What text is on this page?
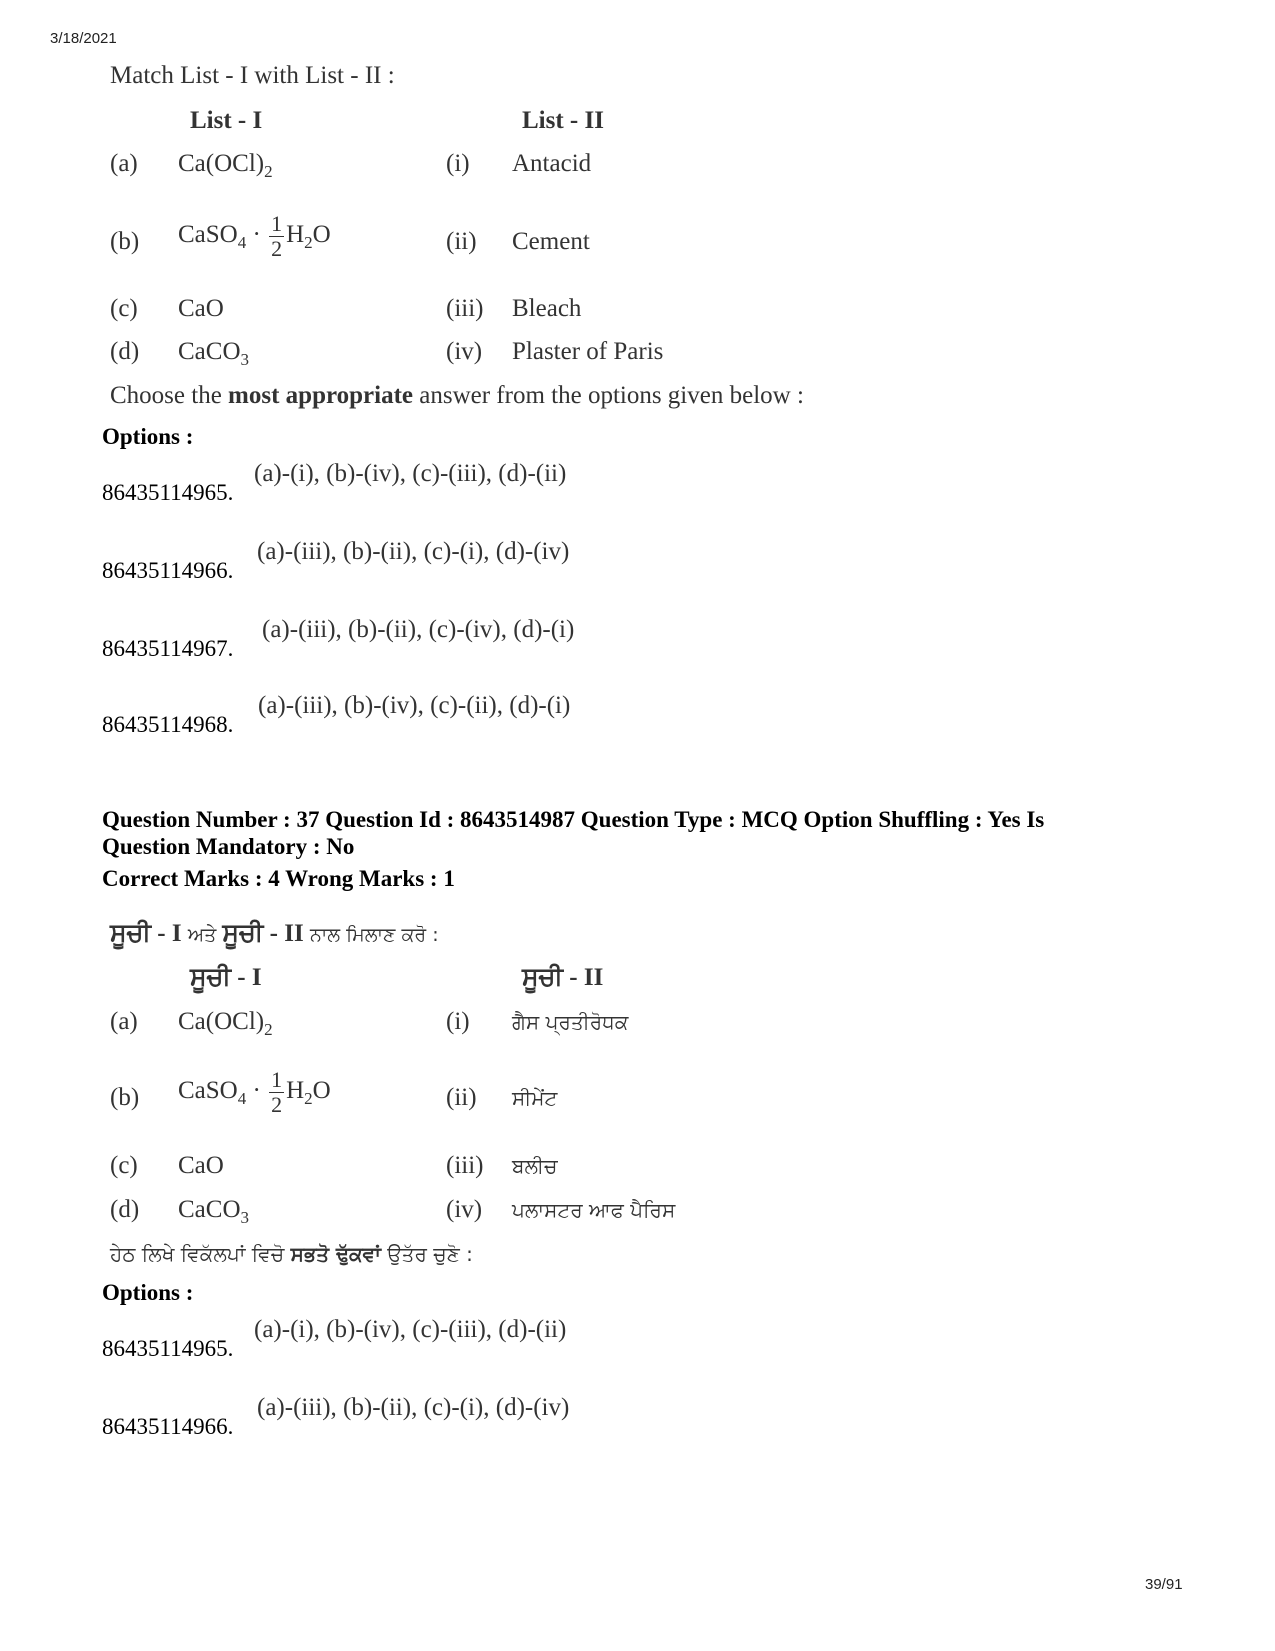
3/18/2021
Match List - I with List - II :
List - I	List - II
(a) $Ca(OCl)_2$	(i) Antacid
(b) CaSO$_4$ · $\frac{1}{2} H_2O$	(ii) Cement
(c) CaO	(iii) Bleach
(d) CaCO$_3$	(iv) Plaster of Paris
Choose the most appropriate answer from the options given below :
Options :
86435114965.
(a)-(i), (b)-(iv), (c)-(iii), (d)-(ii)
86435114966.
(a)-(iii), (b)-(ii), (c)-(i), (d)-(iv)
86435114967.
(a)-(iii), (b)-(ii), (c)-(iv), (d)-(i)
86435114968.
(a)-(iii), (b)-(iv), (c)-(ii), (d)-(i)
Question Number : 37 Question Id : 8643514987 Question Type : MCQ Option Shuffling : Yes Is
Question Mandatory : No
Correct Marks : 4 Wrong Marks : 1
ਸੂਚੀ - I ਅਤੇ ਸੂਚੀ - II ਨਾਲ ਮਿਲਾਣ ਕਰੋ :
ਸੂਚੀ - I	ਸੂਚੀ - II
(a) $Ca(OCl)_2$	(i) ਗੈਸ ਪ੍ਰਤੀਰੋਧਕ
(b) CaSO$_4$ · $\frac{1}{2} H_2O$	(ii) ਸੀਮੇਂਟ
(c) CaO	(iii) ਬਲੀਚ
(d) CaCO$_3$	(iv) ਪਲਾਸਟਰ ਆਫ ਪੈਰਿਸ
ਹੇਠ ਲਿਖੇ ਵਿਕੱਲਪਾਂ ਵਿਚੋ ਸਭਤੋ ਢੁੱਕਵਾਂ ਉਤੱਰ ਚੁਣੋ :
Options :
86435114965.
(a)-(i), (b)-(iv), (c)-(iii), (d)-(ii)
86435114966.
(a)-(iii), (b)-(ii), (c)-(i), (d)-(iv)
39/91
